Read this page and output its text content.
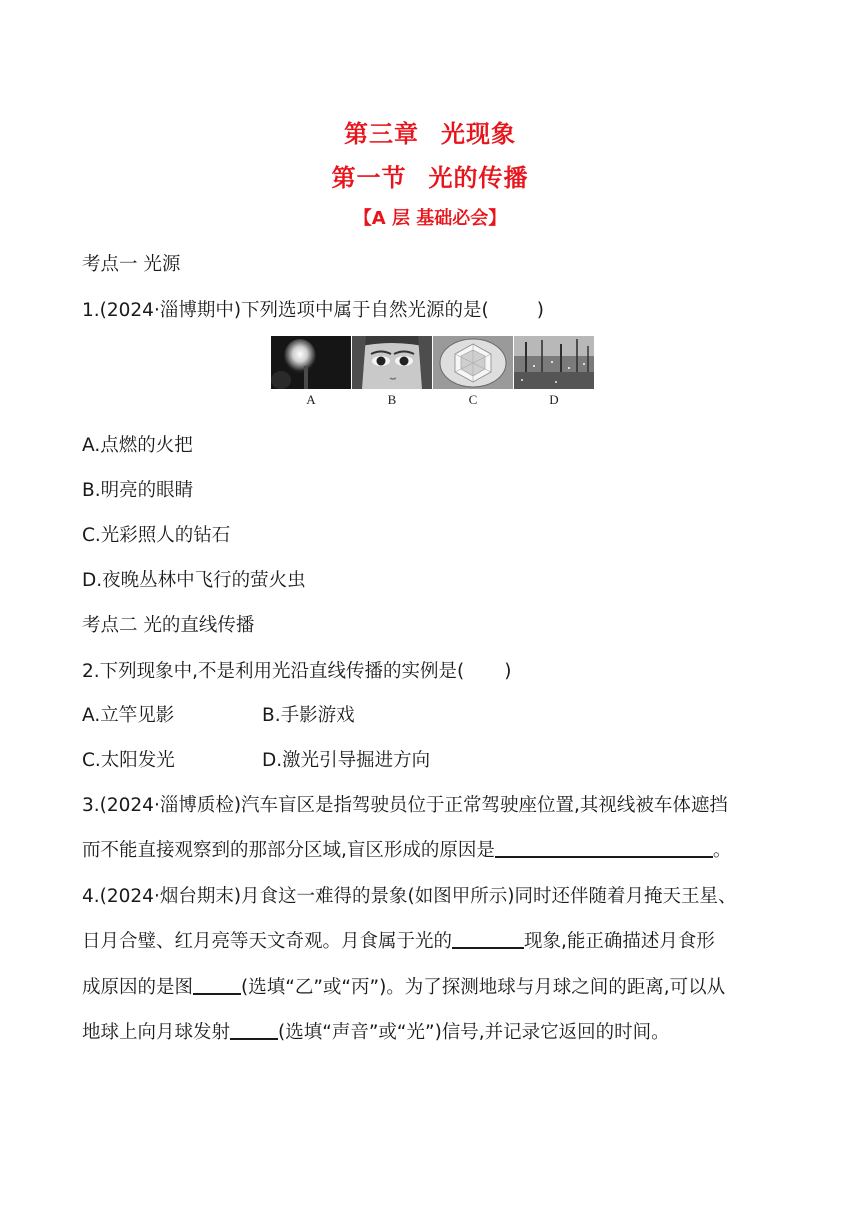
第三章 光现象
第一节 光的传播
【A 层 基础必会】
考点一 光源
1.(2024·淄博期中)下列选项中属于自然光源的是(	)
A	B	C	D
A.点燃的火把
B.明亮的眼睛
C.光彩照人的钻石
D.夜晚丛林中飞行的萤火虫
考点二 光的直线传播
2.下列现象中,不是利用光沿直线传播的实例是( )
A.立竿见影	B.手影游戏
C.太阳发光	D.激光引导掘进方向
3.(2024·淄博质检)汽车盲区是指驾驶员位于正常驾驶座位置,其视线被车体遮挡
而不能直接观察到的那部分区域,盲区形成的原因是	。
4.(2024·烟台期末)月食这一难得的景象(如图甲所示)同时还伴随着月掩天王星、
日月合璧、红月亮等天文奇观。月食属于光的	现象,能正确描述月食形
成原因的是图	(选填“乙”或“丙”)。为了探测地球与月球之间的距离,可以从
地球上向月球发射	(选填“声音”或“光”)信号,并记录它返回的时间。
